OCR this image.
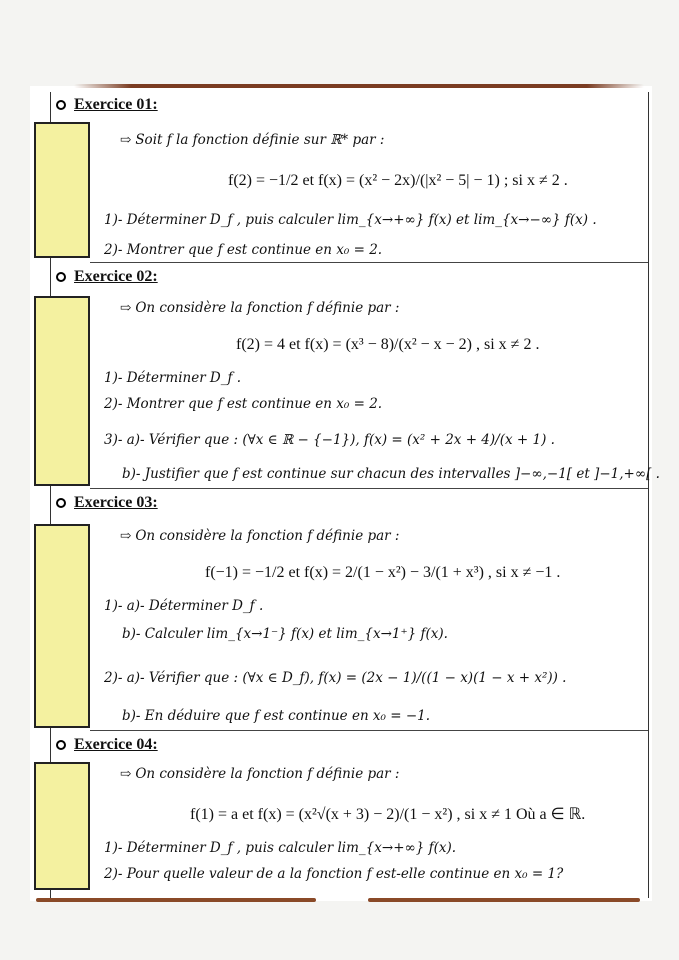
Exercice 01:
⇨ Soit f la fonction définie sur ℝ* par :
f(2) = −1/2 et f(x) = (x² − 2x)/(|x² − 5| − 1) ; si x ≠ 2 .
1)- Déterminer D_f , puis calculer lim_{x→+∞} f(x) et lim_{x→−∞} f(x) .
2)- Montrer que f est continue en x₀ = 2.
Exercice 02:
⇨ On considère la fonction f définie par :
f(2) = 4 et f(x) = (x³ − 8)/(x² − x − 2) , si x ≠ 2 .
1)- Déterminer D_f .
2)- Montrer que f est continue en x₀ = 2.
3)- a)- Vérifier que : (∀x ∈ ℝ − {−1}), f(x) = (x² + 2x + 4)/(x + 1) .
b)- Justifier que f est continue sur chacun des intervalles ]−∞,−1[ et ]−1,+∞[ .
Exercice 03:
⇨ On considère la fonction f définie par :
f(−1) = −1/2 et f(x) = 2/(1 − x²) − 3/(1 + x³) , si x ≠ −1 .
1)- a)- Déterminer D_f .
b)- Calculer lim_{x→1⁻} f(x) et lim_{x→1⁺} f(x).
2)- a)- Vérifier que : (∀x ∈ D_f), f(x) = (2x − 1)/((1 − x)(1 − x + x²)) .
b)- En déduire que f est continue en x₀ = −1.
Exercice 04:
⇨ On considère la fonction f définie par :
f(1) = a et f(x) = (x²√(x + 3) − 2)/(1 − x²) , si x ≠ 1 Où a ∈ ℝ.
1)- Déterminer D_f , puis calculer lim_{x→+∞} f(x).
2)- Pour quelle valeur de a la fonction f est-elle continue en x₀ = 1?
